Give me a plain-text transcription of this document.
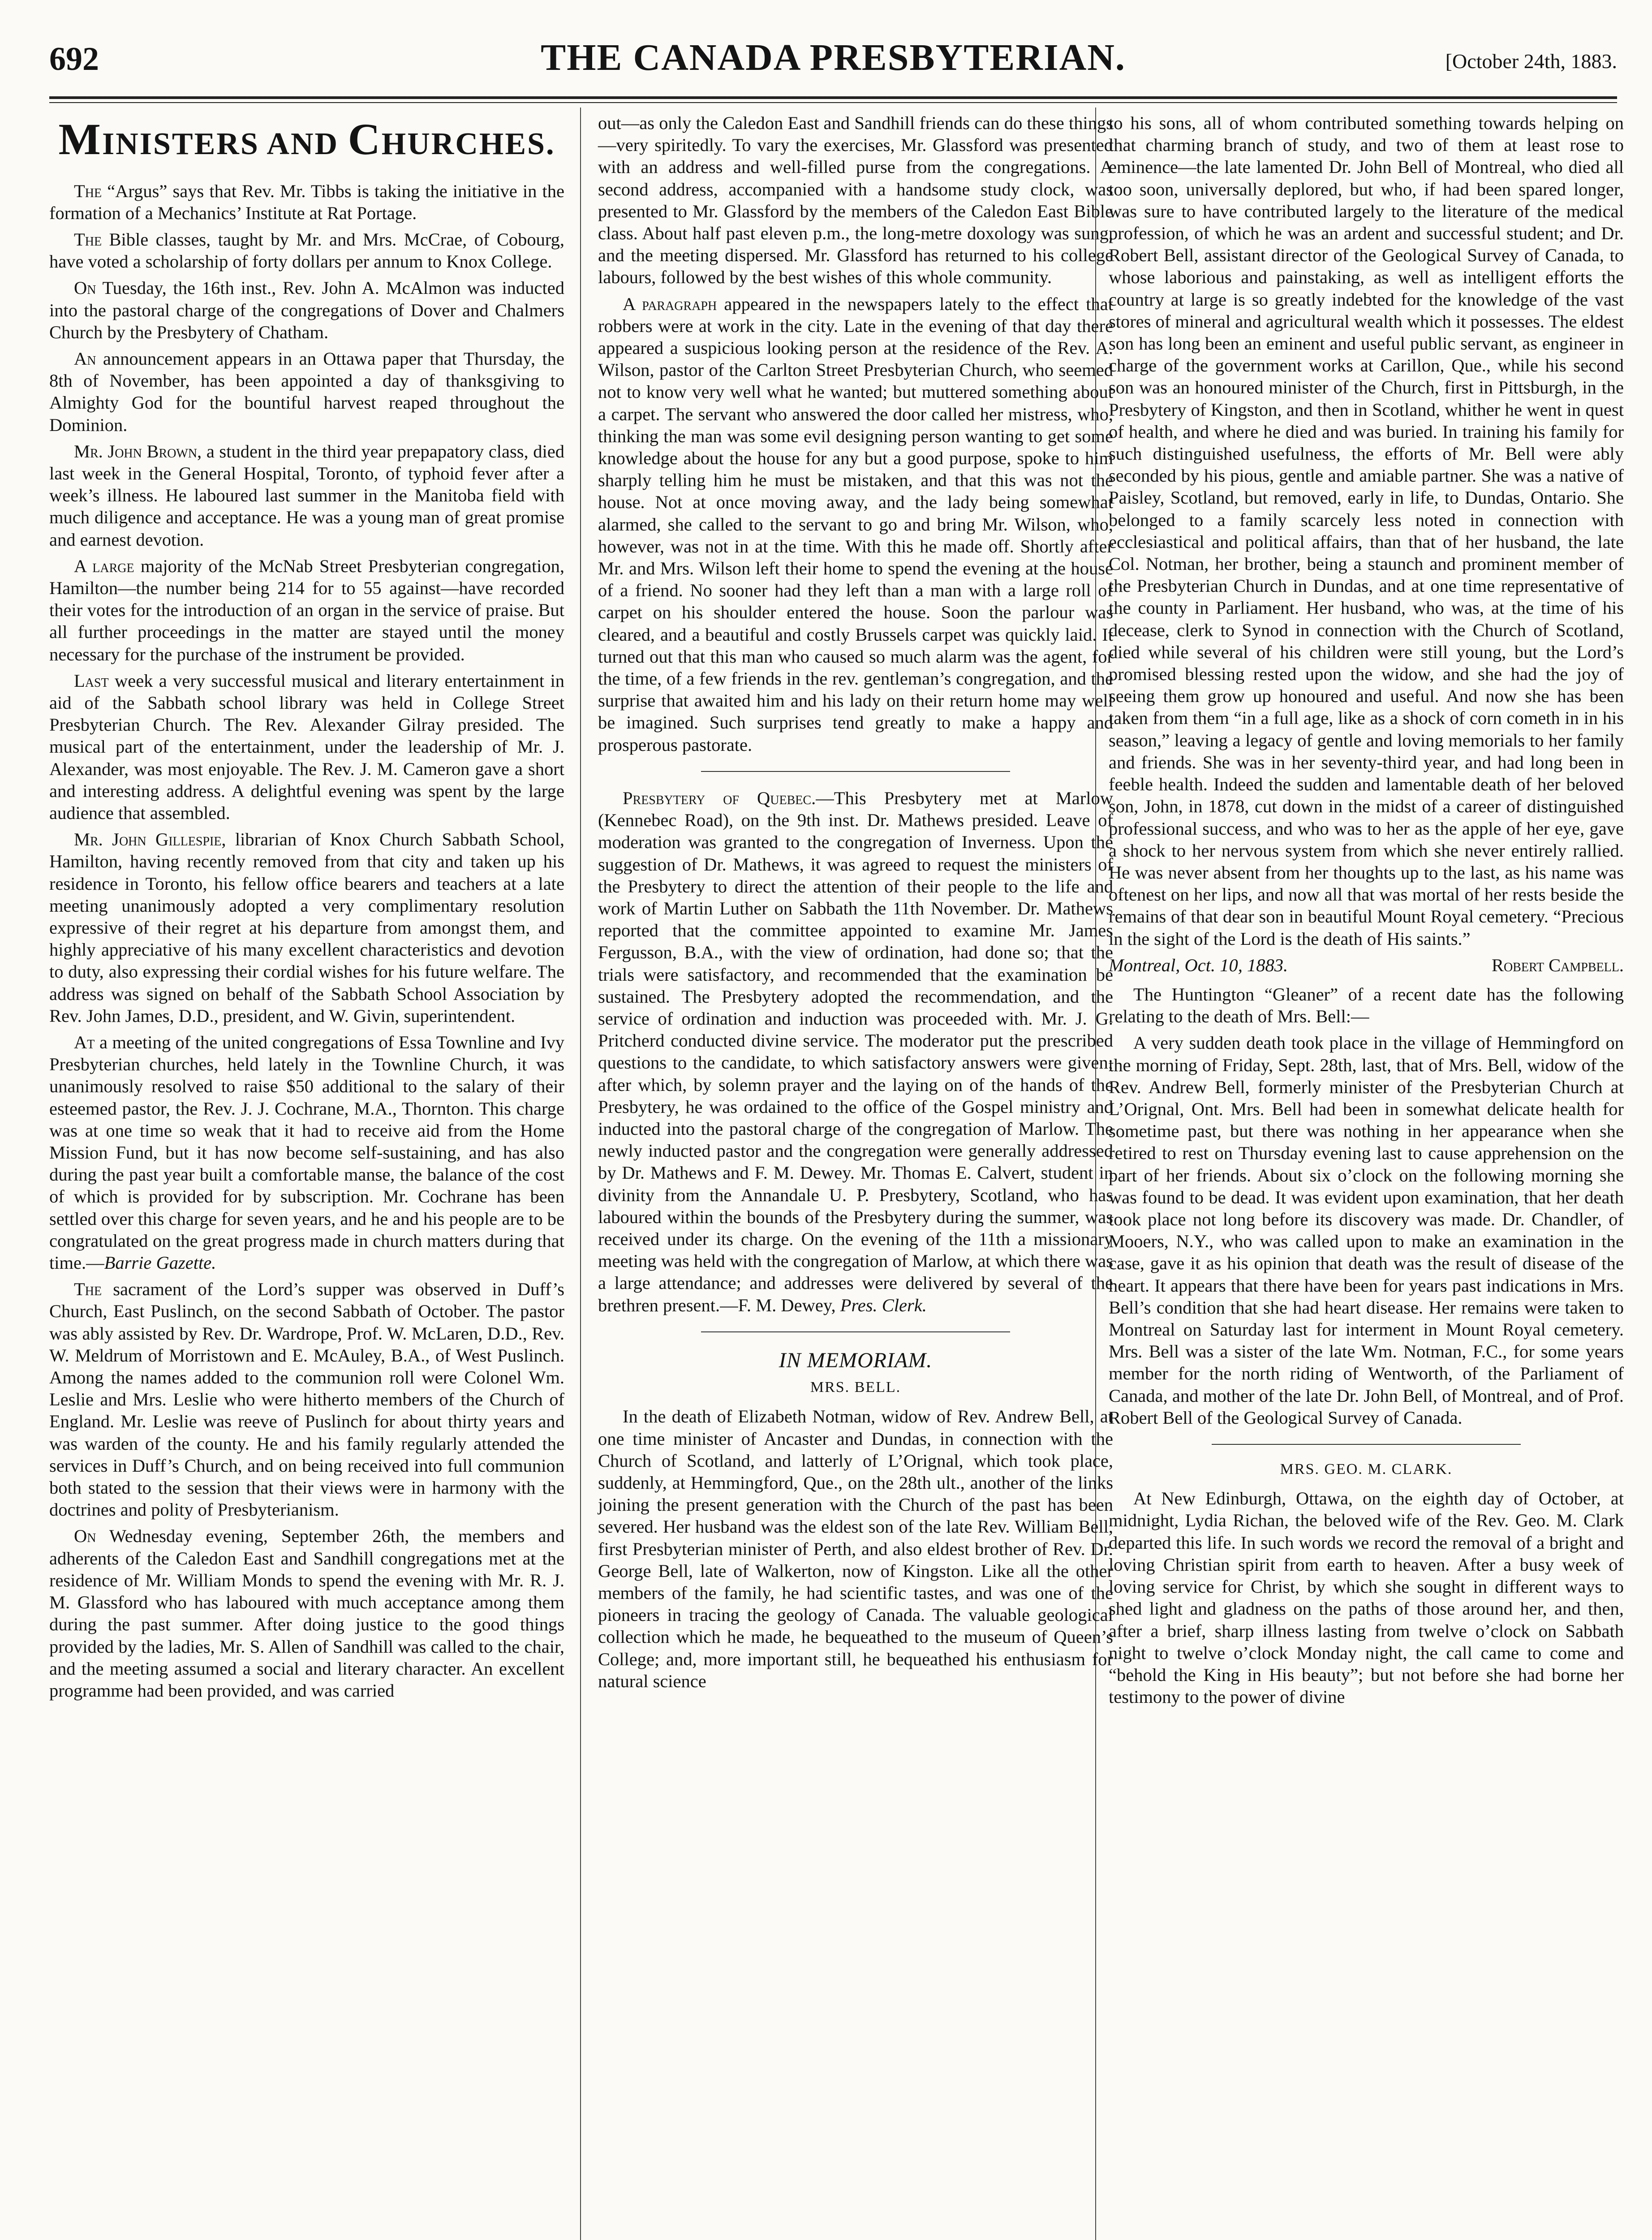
692	THE CANADA PRESBYTERIAN.	[October 24th, 1883.
MINISTERS AND CHURCHES.

The “Argus” says that Rev. Mr. Tibbs is taking the initiative in the formation of a Mechanics’ Institute at Rat Portage.

The Bible classes, taught by Mr. and Mrs. McCrae, of Cobourg, have voted a scholarship of forty dollars per annum to Knox College.

On Tuesday, the 16th inst., Rev. John A. McAlmon was inducted into the pastoral charge of the congregations of Dover and Chalmers Church by the Presbytery of Chatham.

An announcement appears in an Ottawa paper that Thursday, the 8th of November, has been appointed a day of thanksgiving to Almighty God for the bountiful harvest reaped throughout the Dominion.

Mr. John Brown, a student in the third year prepapatory class, died last week in the General Hospital, Toronto, of typhoid fever after a week’s illness. He laboured last summer in the Manitoba field with much diligence and acceptance. He was a young man of great promise and earnest devotion.

A large majority of the McNab Street Presbyterian congregation, Hamilton—the number being 214 for to 55 against—have recorded their votes for the introduction of an organ in the service of praise. But all further proceedings in the matter are stayed until the money necessary for the purchase of the instrument be provided.

Last week a very successful musical and literary entertainment in aid of the Sabbath school library was held in College Street Presbyterian Church. The Rev. Alexander Gilray presided. The musical part of the entertainment, under the leadership of Mr. J. Alexander, was most enjoyable. The Rev. J. M. Cameron gave a short and interesting address. A delightful evening was spent by the large audience that assembled.

Mr. John Gillespie, librarian of Knox Church Sabbath School, Hamilton, having recently removed from that city and taken up his residence in Toronto, his fellow office bearers and teachers at a late meeting unanimously adopted a very complimentary resolution expressive of their regret at his departure from amongst them, and highly appreciative of his many excellent characteristics and devotion to duty, also expressing their cordial wishes for his future welfare. The address was signed on behalf of the Sabbath School Association by Rev. John James, D.D., president, and W. Givin, superintendent.

At a meeting of the united congregations of Essa Townline and Ivy Presbyterian churches, held lately in the Townline Church, it was unanimously resolved to raise $50 additional to the salary of their esteemed pastor, the Rev. J. J. Cochrane, M.A., Thornton. This charge was at one time so weak that it had to receive aid from the Home Mission Fund, but it has now become self-sustaining, and has also during the past year built a comfortable manse, the balance of the cost of which is provided for by subscription. Mr. Cochrane has been settled over this charge for seven years, and he and his people are to be congratulated on the great progress made in church matters during that time.—Barrie Gazette.

The sacrament of the Lord’s supper was observed in Duff’s Church, East Puslinch, on the second Sabbath of October. The pastor was ably assisted by Rev. Dr. Wardrope, Prof. W. McLaren, D.D., Rev. W. Meldrum of Morristown and E. McAuley, B.A., of West Puslinch. Among the names added to the communion roll were Colonel Wm. Leslie and Mrs. Leslie who were hitherto members of the Church of England. Mr. Leslie was reeve of Puslinch for about thirty years and was warden of the county. He and his family regularly attended the services in Duff’s Church, and on being received into full communion both stated to the session that their views were in harmony with the doctrines and polity of Presbyterianism.

On Wednesday evening, September 26th, the members and adherents of the Caledon East and Sandhill congregations met at the residence of Mr. William Monds to spend the evening with Mr. R. J. M. Glassford who has laboured with much acceptance among them during the past summer. After doing justice to the good things provided by the ladies, Mr. S. Allen of Sandhill was called to the chair, and the meeting assumed a social and literary character. An excellent programme had been provided, and was carried

out—as only the Caledon East and Sandhill friends can do these things—very spiritedly. To vary the exercises, Mr. Glassford was presented with an address and well-filled purse from the congregations. A second address, accompanied with a handsome study clock, was presented to Mr. Glassford by the members of the Caledon East Bible class. About half past eleven p.m., the long-metre doxology was sung, and the meeting dispersed. Mr. Glassford has returned to his college labours, followed by the best wishes of this whole community.

A paragraph appeared in the newspapers lately to the effect that robbers were at work in the city. Late in the evening of that day there appeared a suspicious looking person at the residence of the Rev. A. Wilson, pastor of the Carlton Street Presbyterian Church, who seemed not to know very well what he wanted; but muttered something about a carpet. The servant who answered the door called her mistress, who, thinking the man was some evil designing person wanting to get some knowledge about the house for any but a good purpose, spoke to him sharply telling him he must be mistaken, and that this was not the house. Not at once moving away, and the lady being somewhat alarmed, she called to the servant to go and bring Mr. Wilson, who, however, was not in at the time. With this he made off. Shortly after Mr. and Mrs. Wilson left their home to spend the evening at the house of a friend. No sooner had they left than a man with a large roll of carpet on his shoulder entered the house. Soon the parlour was cleared, and a beautiful and costly Brussels carpet was quickly laid. It turned out that this man who caused so much alarm was the agent, for the time, of a few friends in the rev. gentleman’s congregation, and the surprise that awaited him and his lady on their return home may well be imagined. Such surprises tend greatly to make a happy and prosperous pastorate.

Presbytery of Quebec.—This Presbytery met at Marlow (Kennebec Road), on the 9th inst. Dr. Mathews presided. Leave of moderation was granted to the congregation of Inverness. Upon the suggestion of Dr. Mathews, it was agreed to request the ministers of the Presbytery to direct the attention of their people to the life and work of Martin Luther on Sabbath the 11th November. Dr. Mathews reported that the committee appointed to examine Mr. James Fergusson, B.A., with the view of ordination, had done so; that the trials were satisfactory, and recommended that the examination be sustained. The Presbytery adopted the recommendation, and the service of ordination and induction was proceeded with. Mr. J. G. Pritcherd conducted divine service. The moderator put the prescribed questions to the candidate, to which satisfactory answers were given; after which, by solemn prayer and the laying on of the hands of the Presbytery, he was ordained to the office of the Gospel ministry and inducted into the pastoral charge of the congregation of Marlow. The newly inducted pastor and the congregation were generally addressed by Dr. Mathews and F. M. Dewey. Mr. Thomas E. Calvert, student in divinity from the Annandale U. P. Presbytery, Scotland, who has laboured within the bounds of the Presbytery during the summer, was received under its charge. On the evening of the 11th a missionary meeting was held with the congregation of Marlow, at which there was a large attendance; and addresses were delivered by several of the brethren present.—F. M. Dewey, Pres. Clerk.

IN MEMORIAM.
MRS. BELL.

In the death of Elizabeth Notman, widow of Rev. Andrew Bell, at one time minister of Ancaster and Dundas, in connection with the Church of Scotland, and latterly of L’Orignal, which took place, suddenly, at Hemmingford, Que., on the 28th ult., another of the links joining the present generation with the Church of the past has been severed. Her husband was the eldest son of the late Rev. William Bell, first Presbyterian minister of Perth, and also eldest brother of Rev. Dr. George Bell, late of Walkerton, now of Kingston. Like all the other members of the family, he had scientific tastes, and was one of the pioneers in tracing the geology of Canada. The valuable geological collection which he made, he bequeathed to the museum of Queen’s College; and, more important still, he bequeathed his enthusiasm for natural science

to his sons, all of whom contributed something towards helping on that charming branch of study, and two of them at least rose to eminence—the late lamented Dr. John Bell of Montreal, who died all too soon, universally deplored, but who, if had been spared longer, was sure to have contributed largely to the literature of the medical profession, of which he was an ardent and successful student; and Dr. Robert Bell, assistant director of the Geological Survey of Canada, to whose laborious and painstaking, as well as intelligent efforts the country at large is so greatly indebted for the knowledge of the vast stores of mineral and agricultural wealth which it possesses. The eldest son has long been an eminent and useful public servant, as engineer in charge of the government works at Carillon, Que., while his second son was an honoured minister of the Church, first in Pittsburgh, in the Presbytery of Kingston, and then in Scotland, whither he went in quest of health, and where he died and was buried. In training his family for such distinguished usefulness, the efforts of Mr. Bell were ably seconded by his pious, gentle and amiable partner. She was a native of Paisley, Scotland, but removed, early in life, to Dundas, Ontario. She belonged to a family scarcely less noted in connection with ecclesiastical and political affairs, than that of her husband, the late Col. Notman, her brother, being a staunch and prominent member of the Presbyterian Church in Dundas, and at one time representative of the county in Parliament. Her husband, who was, at the time of his decease, clerk to Synod in connection with the Church of Scotland, died while several of his children were still young, but the Lord’s promised blessing rested upon the widow, and she had the joy of seeing them grow up honoured and useful. And now she has been taken from them “in a full age, like as a shock of corn cometh in in his season,” leaving a legacy of gentle and loving memorials to her family and friends. She was in her seventy-third year, and had long been in feeble health. Indeed the sudden and lamentable death of her beloved son, John, in 1878, cut down in the midst of a career of distinguished professional success, and who was to her as the apple of her eye, gave a shock to her nervous system from which she never entirely rallied. He was never absent from her thoughts up to the last, as his name was oftenest on her lips, and now all that was mortal of her rests beside the remains of that dear son in beautiful Mount Royal cemetery. “Precious in the sight of the Lord is the death of His saints.”

Montreal, Oct. 10, 1883.	Robert Campbell.

The Huntington “Gleaner” of a recent date has the following relating to the death of Mrs. Bell:—

A very sudden death took place in the village of Hemmingford on the morning of Friday, Sept. 28th, last, that of Mrs. Bell, widow of the Rev. Andrew Bell, formerly minister of the Presbyterian Church at L’Orignal, Ont. Mrs. Bell had been in somewhat delicate health for sometime past, but there was nothing in her appearance when she retired to rest on Thursday evening last to cause apprehension on the part of her friends. About six o’clock on the following morning she was found to be dead. It was evident upon examination, that her death took place not long before its discovery was made. Dr. Chandler, of Mooers, N.Y., who was called upon to make an examination in the case, gave it as his opinion that death was the result of disease of the heart. It appears that there have been for years past indications in Mrs. Bell’s condition that she had heart disease. Her remains were taken to Montreal on Saturday last for interment in Mount Royal cemetery. Mrs. Bell was a sister of the late Wm. Notman, F.C., for some years member for the north riding of Wentworth, of the Parliament of Canada, and mother of the late Dr. John Bell, of Montreal, and of Prof. Robert Bell of the Geological Survey of Canada.

MRS. GEO. M. CLARK.

At New Edinburgh, Ottawa, on the eighth day of October, at midnight, Lydia Richan, the beloved wife of the Rev. Geo. M. Clark departed this life. In such words we record the removal of a bright and loving Christian spirit from earth to heaven. After a busy week of loving service for Christ, by which she sought in different ways to shed light and gladness on the paths of those around her, and then, after a brief, sharp illness lasting from twelve o’clock on Sabbath night to twelve o’clock Monday night, the call came to come and “behold the King in His beauty”; but not before she had borne her testimony to the power of divine
